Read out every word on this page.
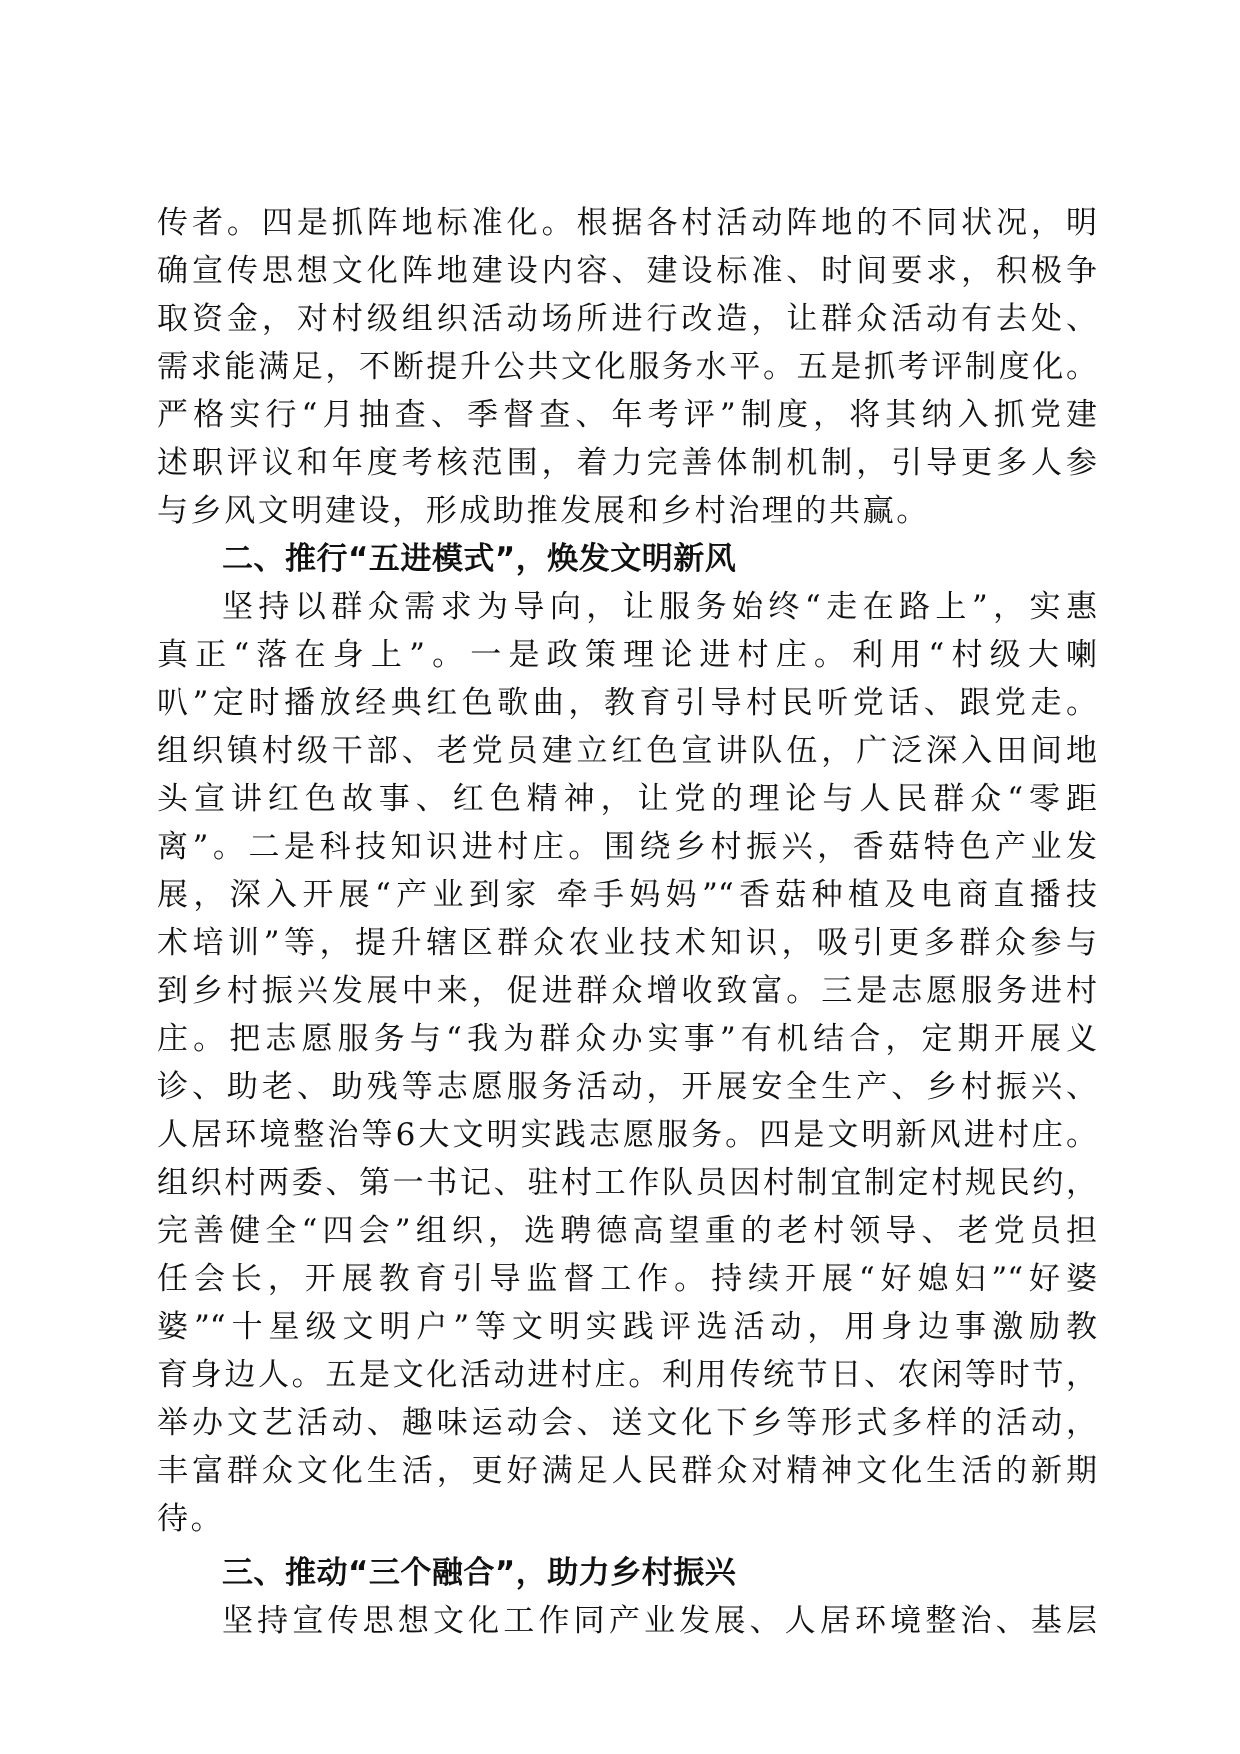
传者。四是抓阵地标准化。根据各村活动阵地的不同状况，明
确宣传思想文化阵地建设内容、建设标准、时间要求，积极争
取资金，对村级组织活动场所进行改造，让群众活动有去处、
需求能满足，不断提升公共文化服务水平。五是抓考评制度化。
严格实行“月抽查、季督查、年考评”制度，将其纳入抓党建
述职评议和年度考核范围，着力完善体制机制，引导更多人参
与乡风文明建设，形成助推发展和乡村治理的共赢。
二、推行“五进模式”，焕发文明新风
坚持以群众需求为导向，让服务始终“走在路上”，实惠
真正“落在身上”。一是政策理论进村庄。利用“村级大喇
叭”定时播放经典红色歌曲，教育引导村民听党话、跟党走。
组织镇村级干部、老党员建立红色宣讲队伍，广泛深入田间地
头宣讲红色故事、红色精神，让党的理论与人民群众“零距
离”。二是科技知识进村庄。围绕乡村振兴，香菇特色产业发
展，深入开展“产业到家 牵手妈妈”“香菇种植及电商直播技
术培训”等，提升辖区群众农业技术知识，吸引更多群众参与
到乡村振兴发展中来，促进群众增收致富。三是志愿服务进村
庄。把志愿服务与“我为群众办实事”有机结合，定期开展义
诊、助老、助残等志愿服务活动，开展安全生产、乡村振兴、
人居环境整治等6大文明实践志愿服务。四是文明新风进村庄。
组织村两委、第一书记、驻村工作队员因村制宜制定村规民约，
完善健全“四会”组织，选聘德高望重的老村领导、老党员担
任会长，开展教育引导监督工作。持续开展“好媳妇”“好婆
婆”“十星级文明户”等文明实践评选活动，用身边事激励教
育身边人。五是文化活动进村庄。利用传统节日、农闲等时节，
举办文艺活动、趣味运动会、送文化下乡等形式多样的活动，
丰富群众文化生活，更好满足人民群众对精神文化生活的新期
待。
三、推动“三个融合”，助力乡村振兴
坚持宣传思想文化工作同产业发展、人居环境整治、基层
